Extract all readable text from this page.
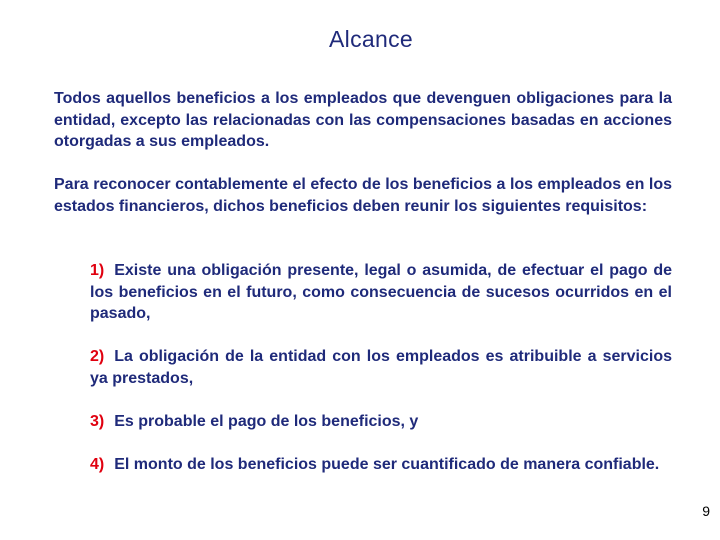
Alcance
Todos aquellos beneficios a los empleados que devenguen obligaciones para la entidad, excepto las relacionadas con las compensaciones basadas en acciones otorgadas a sus empleados.
Para reconocer contablemente el efecto de los beneficios a los empleados en los estados financieros, dichos beneficios deben reunir los siguientes requisitos:
1) Existe una obligación presente, legal o asumida, de efectuar el pago de los beneficios en el futuro, como consecuencia de sucesos ocurridos en el pasado,
2) La obligación de la entidad con los empleados es atribuible a servicios ya prestados,
3) Es probable el pago de los beneficios, y
4) El monto de los beneficios puede ser cuantificado de manera confiable.
9
